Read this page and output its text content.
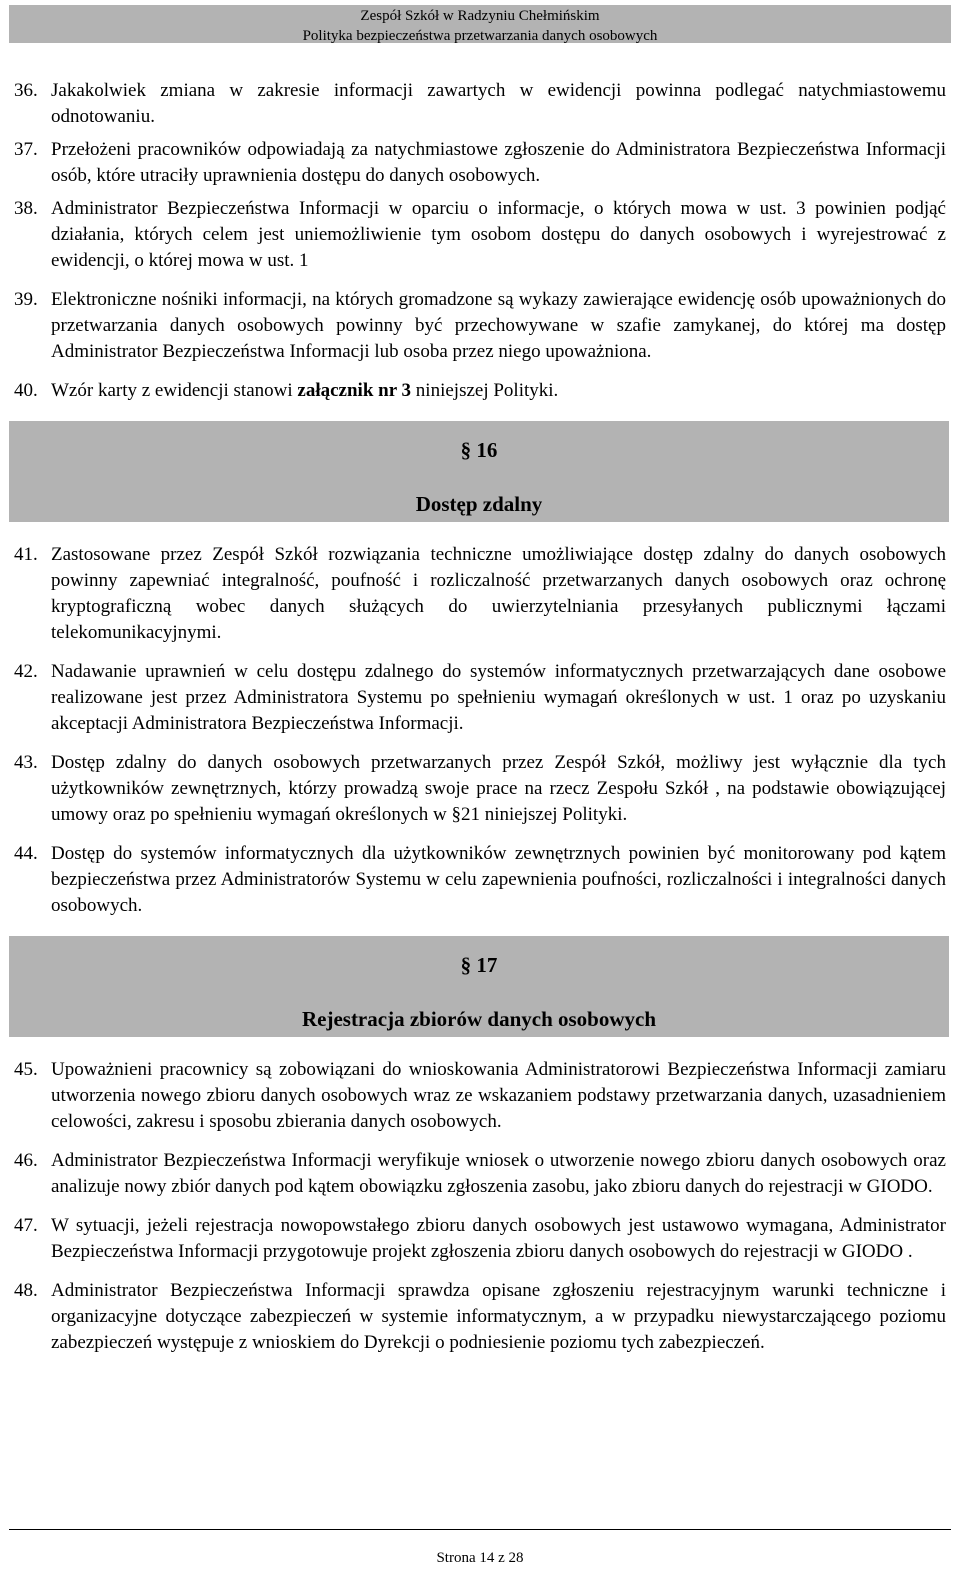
Zespół Szkół w Radzyniu Chełmińskim
Polityka bezpieczeństwa przetwarzania danych osobowych
36. Jakakolwiek zmiana w zakresie informacji zawartych w ewidencji powinna podlegać natychmiastowemu odnotowaniu.
37. Przełożeni pracowników odpowiadają za natychmiastowe zgłoszenie do Administratora Bezpieczeństwa Informacji osób, które utraciły uprawnienia dostępu do danych osobowych.
38. Administrator Bezpieczeństwa Informacji w oparciu o informacje, o których mowa w ust. 3 powinien podjąć działania, których celem jest uniemożliwienie tym osobom dostępu do danych osobowych i wyrejestrować z ewidencji, o której mowa w ust. 1
39. Elektroniczne nośniki informacji, na których gromadzone są wykazy zawierające ewidencję osób upoważnionych do przetwarzania danych osobowych powinny być przechowywane w szafie zamykanej, do której ma dostęp Administrator Bezpieczeństwa Informacji lub osoba przez niego upoważniona.
40. Wzór karty z ewidencji stanowi załącznik nr 3 niniejszej Polityki.
§ 16
Dostęp zdalny
41. Zastosowane przez Zespół Szkół rozwiązania techniczne umożliwiające dostęp zdalny do danych osobowych powinny zapewniać integralność, poufność i rozliczalność przetwarzanych danych osobowych oraz ochronę kryptograficzną wobec danych służących do uwierzytelniania przesyłanych publicznymi łączami telekomunikacyjnymi.
42. Nadawanie uprawnień w celu dostępu zdalnego do systemów informatycznych przetwarzających dane osobowe realizowane jest przez Administratora Systemu po spełnieniu wymagań określonych w ust. 1 oraz po uzyskaniu akceptacji Administratora Bezpieczeństwa Informacji.
43. Dostęp zdalny do danych osobowych przetwarzanych przez Zespół Szkół, możliwy jest wyłącznie dla tych użytkowników zewnętrznych, którzy prowadzą swoje prace na rzecz Zespołu Szkół , na podstawie obowiązującej umowy oraz po spełnieniu wymagań określonych w §21 niniejszej Polityki.
44. Dostęp do systemów informatycznych dla użytkowników zewnętrznych powinien być monitorowany pod kątem bezpieczeństwa przez Administratorów Systemu w celu zapewnienia poufności, rozliczalności i integralności danych osobowych.
§ 17
Rejestracja zbiorów danych osobowych
45. Upoważnieni pracownicy są zobowiązani do wnioskowania Administratorowi Bezpieczeństwa Informacji zamiaru utworzenia nowego zbioru danych osobowych wraz ze wskazaniem podstawy przetwarzania danych, uzasadnieniem celowości, zakresu i sposobu zbierania danych osobowych.
46. Administrator Bezpieczeństwa Informacji weryfikuje wniosek o utworzenie nowego zbioru danych osobowych oraz analizuje nowy zbiór danych pod kątem obowiązku zgłoszenia zasobu, jako zbioru danych do rejestracji w GIODO.
47. W sytuacji, jeżeli rejestracja nowopowstałego zbioru danych osobowych jest ustawowo wymagana, Administrator Bezpieczeństwa Informacji przygotowuje projekt zgłoszenia zbioru danych osobowych do rejestracji w GIODO .
48. Administrator Bezpieczeństwa Informacji sprawdza opisane zgłoszeniu rejestracyjnym warunki techniczne i organizacyjne dotyczące zabezpieczeń w systemie informatycznym, a w przypadku niewystarczającego poziomu zabezpieczeń występuje z wnioskiem do Dyrekcji o podniesienie poziomu tych zabezpieczeń.
Strona 14 z 28
